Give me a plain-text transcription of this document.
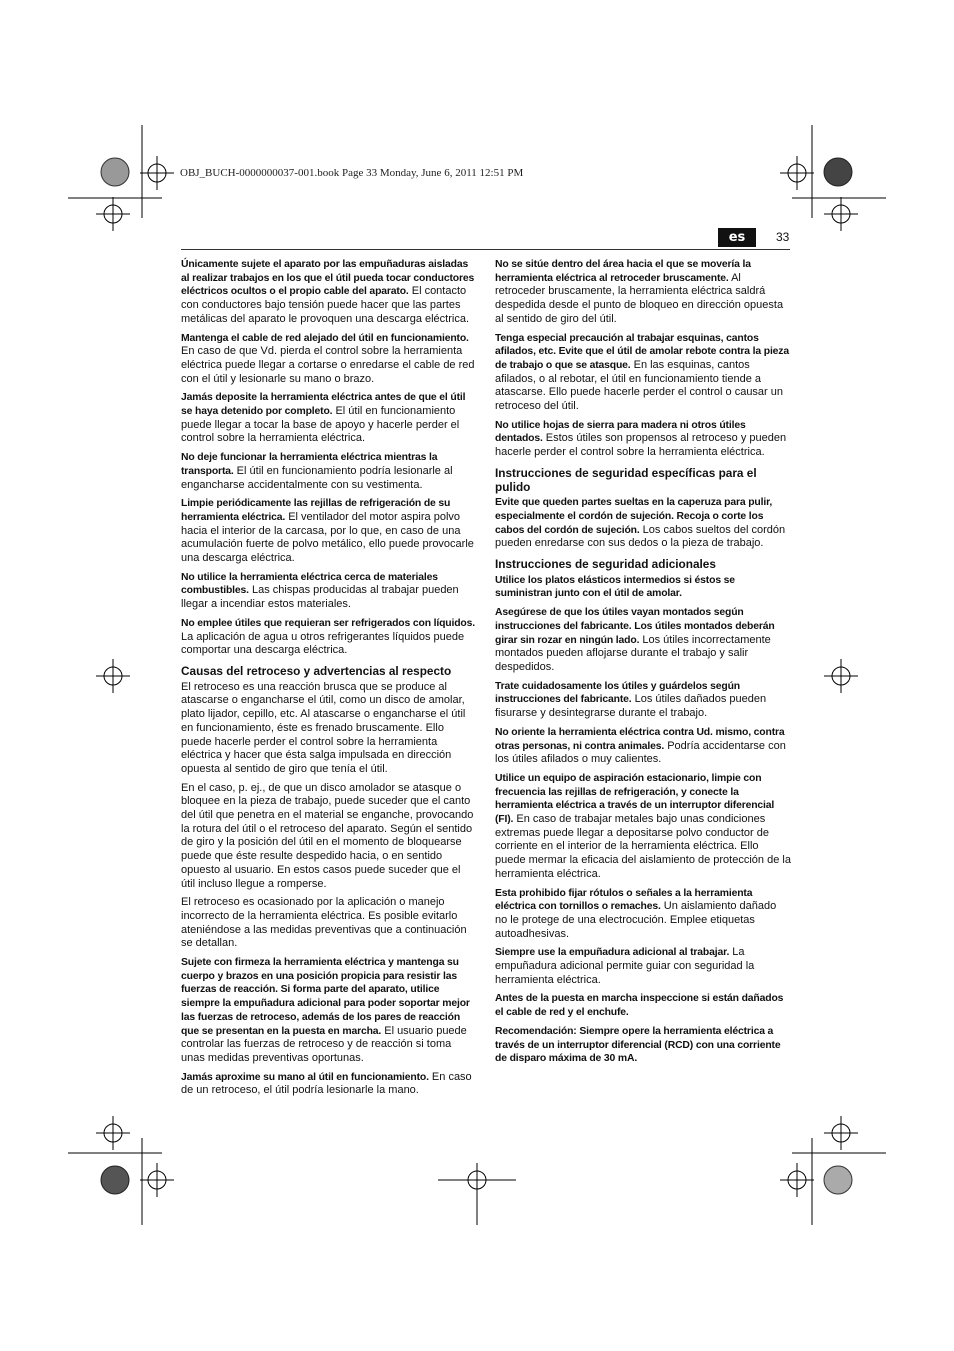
OBJ_BUCH-0000000037-001.book Page 33 Monday, June 6, 2011 12:51 PM
es	33

Únicamente sujete el aparato por las empuñaduras aisladas al realizar trabajos en los que el útil pueda tocar conductores eléctricos ocultos o el propio cable del aparato. El contacto con conductores bajo tensión puede hacer que las partes metálicas del aparato le provoquen una descarga eléctrica.

Mantenga el cable de red alejado del útil en funcionamiento. En caso de que Vd. pierda el control sobre la herramienta eléctrica puede llegar a cortarse o enredarse el cable de red con el útil y lesionarle su mano o brazo.

Jamás deposite la herramienta eléctrica antes de que el útil se haya detenido por completo. El útil en funcionamiento puede llegar a tocar la base de apoyo y hacerle perder el control sobre la herramienta eléctrica.

No deje funcionar la herramienta eléctrica mientras la transporta. El útil en funcionamiento podría lesionarle al engancharse accidentalmente con su vestimenta.

Limpie periódicamente las rejillas de refrigeración de su herramienta eléctrica. El ventilador del motor aspira polvo hacia el interior de la carcasa, por lo que, en caso de una acumulación fuerte de polvo metálico, ello puede provocarle una descarga eléctrica.

No utilice la herramienta eléctrica cerca de materiales combustibles. Las chispas producidas al trabajar pueden llegar a incendiar estos materiales.

No emplee útiles que requieran ser refrigerados con líquidos. La aplicación de agua u otros refrigerantes líquidos puede comportar una descarga eléctrica.

Causas del retroceso y advertencias al respecto

El retroceso es una reacción brusca que se produce al atascarse o engancharse el útil, como un disco de amolar, plato lijador, cepillo, etc. Al atascarse o engancharse el útil en funcionamiento, éste es frenado bruscamente. Ello puede hacerle perder el control sobre la herramienta eléctrica y hacer que ésta salga impulsada en dirección opuesta al sentido de giro que tenía el útil.

En el caso, p. ej., de que un disco amolador se atasque o bloquee en la pieza de trabajo, puede suceder que el canto del útil que penetra en el material se enganche, provocando la rotura del útil o el retroceso del aparato. Según el sentido de giro y la posición del útil en el momento de bloquearse puede que éste resulte despedido hacia, o en sentido opuesto al usuario. En estos casos puede suceder que el útil incluso llegue a romperse.

El retroceso es ocasionado por la aplicación o manejo incorrecto de la herramienta eléctrica. Es posible evitarlo ateniéndose a las medidas preventivas que a continuación se detallan.

Sujete con firmeza la herramienta eléctrica y mantenga su cuerpo y brazos en una posición propicia para resistir las fuerzas de reacción. Si forma parte del aparato, utilice siempre la empuñadura adicional para poder soportar mejor las fuerzas de retroceso, además de los pares de reacción que se presentan en la puesta en marcha. El usuario puede controlar las fuerzas de retroceso y de reacción si toma unas medidas preventivas oportunas.

Jamás aproxime su mano al útil en funcionamiento. En caso de un retroceso, el útil podría lesionarle la mano.

No se sitúe dentro del área hacia el que se movería la herramienta eléctrica al retroceder bruscamente. Al retroceder bruscamente, la herramienta eléctrica saldrá despedida desde el punto de bloqueo en dirección opuesta al sentido de giro del útil.

Tenga especial precaución al trabajar esquinas, cantos afilados, etc. Evite que el útil de amolar rebote contra la pieza de trabajo o que se atasque. En las esquinas, cantos afilados, o al rebotar, el útil en funcionamiento tiende a atascarse. Ello puede hacerle perder el control o causar un retroceso del útil.

No utilice hojas de sierra para madera ni otros útiles dentados. Estos útiles son propensos al retroceso y pueden hacerle perder el control sobre la herramienta eléctrica.

Instrucciones de seguridad específicas para el pulido

Evite que queden partes sueltas en la caperuza para pulir, especialmente el cordón de sujeción. Recoja o corte los cabos del cordón de sujeción. Los cabos sueltos del cordón pueden enredarse con sus dedos o la pieza de trabajo.

Instrucciones de seguridad adicionales

Utilice los platos elásticos intermedios si éstos se suministran junto con el útil de amolar.

Asegúrese de que los útiles vayan montados según instrucciones del fabricante. Los útiles montados deberán girar sin rozar en ningún lado. Los útiles incorrectamente montados pueden aflojarse durante el trabajo y salir despedidos.

Trate cuidadosamente los útiles y guárdelos según instrucciones del fabricante. Los útiles dañados pueden fisurarse y desintegrarse durante el trabajo.

No oriente la herramienta eléctrica contra Ud. mismo, contra otras personas, ni contra animales. Podría accidentarse con los útiles afilados o muy calientes.

Utilice un equipo de aspiración estacionario, limpie con frecuencia las rejillas de refrigeración, y conecte la herramienta eléctrica a través de un interruptor diferencial (FI). En caso de trabajar metales bajo unas condiciones extremas puede llegar a depositarse polvo conductor de corriente en el interior de la herramienta eléctrica. Ello puede mermar la eficacia del aislamiento de protección de la herramienta eléctrica.

Esta prohibido fijar rótulos o señales a la herramienta eléctrica con tornillos o remaches. Un aislamiento dañado no le protege de una electrocución. Emplee etiquetas autoadhesivas.

Siempre use la empuñadura adicional al trabajar. La empuñadura adicional permite guiar con seguridad la herramienta eléctrica.

Antes de la puesta en marcha inspeccione si están dañados el cable de red y el enchufe.

Recomendación: Siempre opere la herramienta eléctrica a través de un interruptor diferencial (RCD) con una corriente de disparo máxima de 30 mA.
